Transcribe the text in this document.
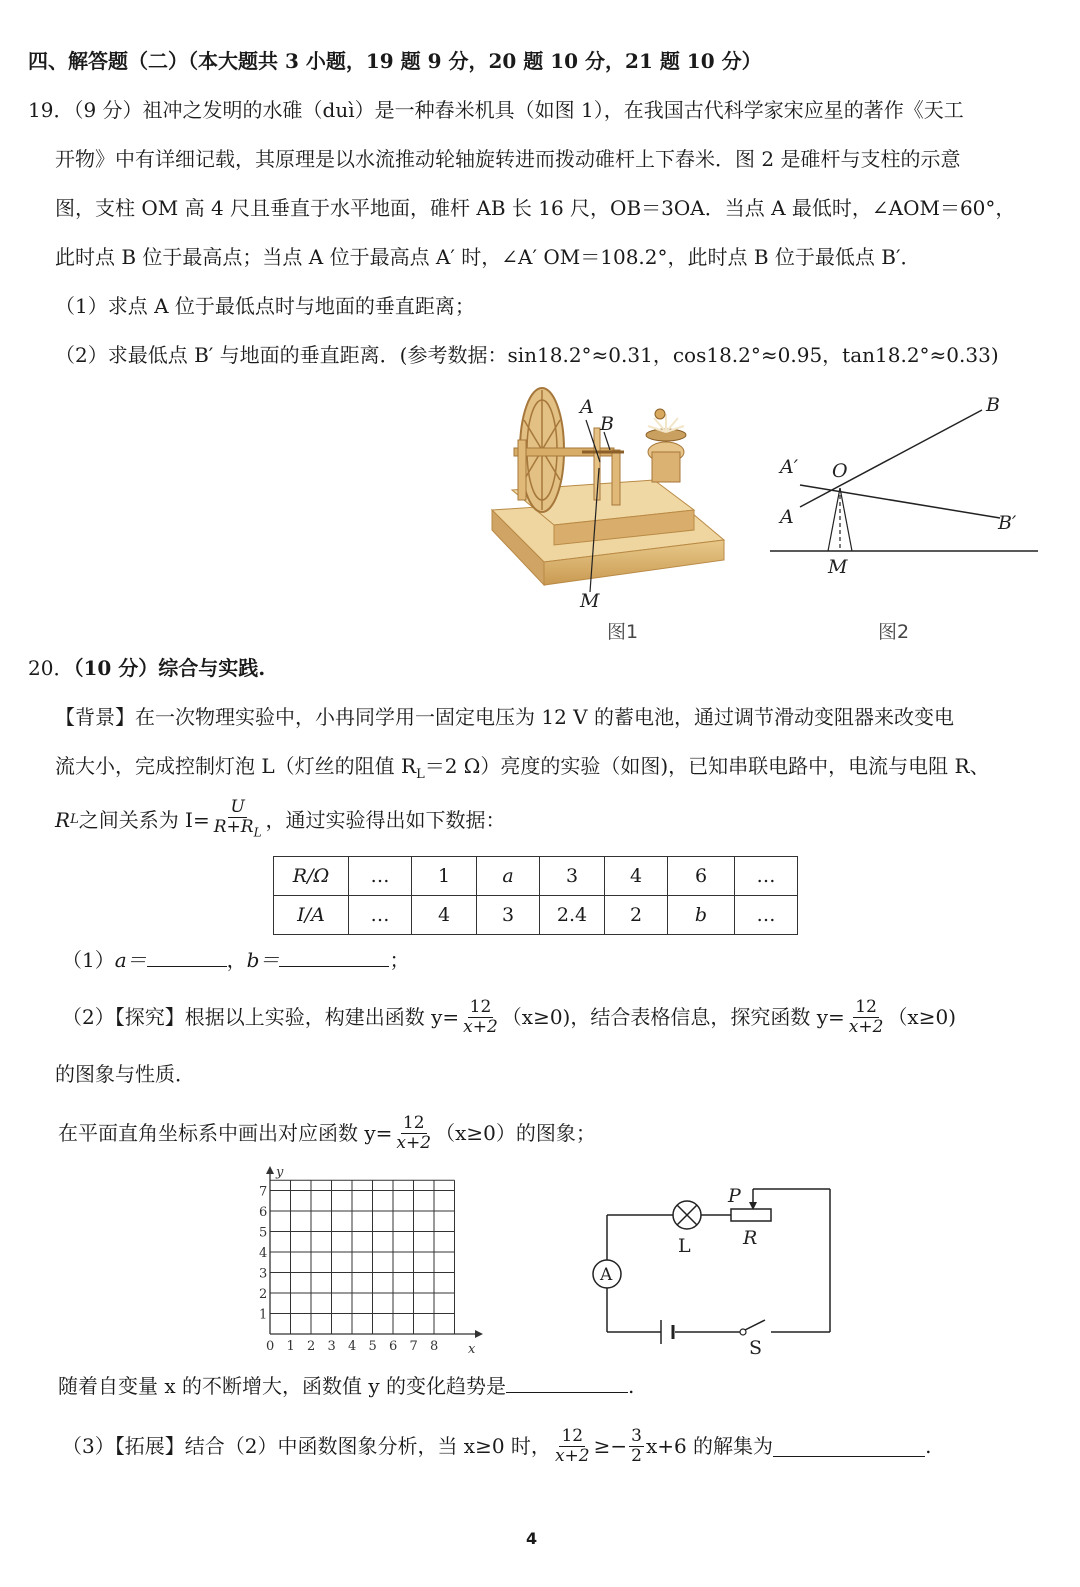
四、解答题（二）（本大题共 3 小题，19 题 9 分，20 题 10 分，21 题 10 分）
19．（9 分）祖冲之发明的水碓（duì）是一种舂米机具（如图 1），在我国古代科学家宋应星的著作《天工
开物》中有详细记载，其原理是以水流推动轮轴旋转进而拨动碓杆上下舂米．图 2 是碓杆与支柱的示意
图，支柱 OM 高 4 尺且垂直于水平地面，碓杆 AB 长 16 尺，OB＝3OA．当点 A 最低时，∠AOM＝60°，
此时点 B 位于最高点；当点 A 位于最高点 A′ 时，∠A′ OM＝108.2°，此时点 B 位于最低点 B′．
（1）求点 A 位于最低点时与地面的垂直距离；
（2）求最低点 B′ 与地面的垂直距离．(参考数据：sin18.2°≈0.31，cos18.2°≈0.95，tan18.2°≈0.33)
A
B
M
图1
B
A′ O
A	B′
M
图2
20．（10 分）综合与实践.
【背景】在一次物理实验中，小冉同学用一固定电压为 12 V 的蓄电池，通过调节滑动变阻器来改变电
流大小，完成控制灯泡 L（灯丝的阻值 $R_L=2$ Ω）亮度的实验（如图)，已知串联电路中，电流与电阻 R、
R L 之间关系为 $I= \frac{U}{R+R_L}$ ，通过实验得出如下数据：
R/Ω	…	1	a	3	4	6	…
I/A	…	4	3	2.4	2	b	…
（1）a＝	，b＝	；
（2）【探究】根据以上实验，构建出函数 $y= \frac{12}{x+2} (x\ge 0)$，结合表格信息，探究函数 $y= \frac{12}{x+2} (x\ge 0)$
的图象与性质．
在平面直角坐标系中画出对应函数 $y= \frac{12}{x+2} (x\ge 0)$的图象；
0 1 2 3 4 5 6 7 8
1
2
3
4
5
6
7
x
y
A
L	R
P
S
随着自变量 x 的不断增大，函数值 y 的变化趋势是	.
（3）【拓展】结合（2）中函数图象分析，当 x≥0 时， $\frac{12}{x+2} \ge- \frac{3}{2} x+6$ 的解集为	.
4
